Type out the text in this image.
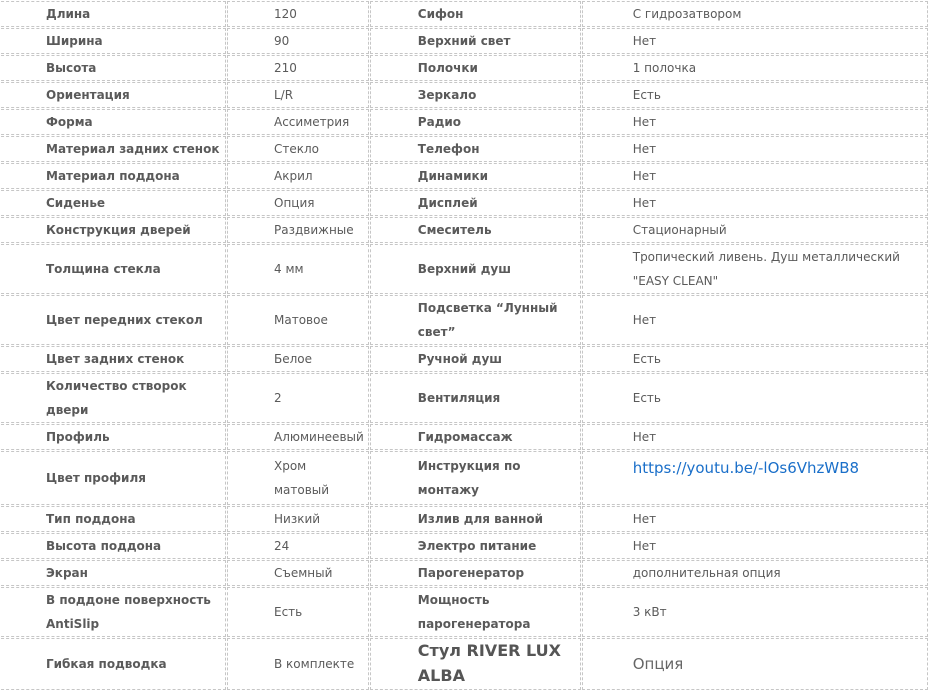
Длина	120	Сифон	С гидрозатвором
Ширина	90	Верхний свет	Нет
Высота	210	Полочки	1 полочка
Ориентация	L/R	Зеркало	Есть
Форма	Ассиметрия	Радио	Нет
Материал задних стенок	Стекло	Телефон	Нет
Материал поддона	Акрил	Динамики	Нет
Сиденье	Опция	Дисплей	Нет
Конструкция дверей	Раздвижные	Смеситель	Стационарный
Толщина стекла	4 мм	Верхний душ	Тропический ливень. Душ металлический "EASY CLEAN"
Цвет передних стекол	Матовое	Подсветка “Лунный свет”	Нет
Цвет задних стенок	Белое	Ручной душ	Есть
Количество створок двери	2	Вентиляция	Есть
Профиль	Алюминеевый	Гидромассаж	Нет
Цвет профиля	Хром матовый	Инструкция по монтажу	https://youtu.be/-lOs6VhzWB8
Тип поддона	Низкий	Излив для ванной	Нет
Высота поддона	24	Электро питание	Нет
Экран	Съемный	Парогенератор	дополнительная опция
В поддоне поверхность AntiSlip	Есть	Мощность парогенератора	3 кВт
Гибкая подводка	В комплекте	Стул RIVER LUX ALBA	Опция
